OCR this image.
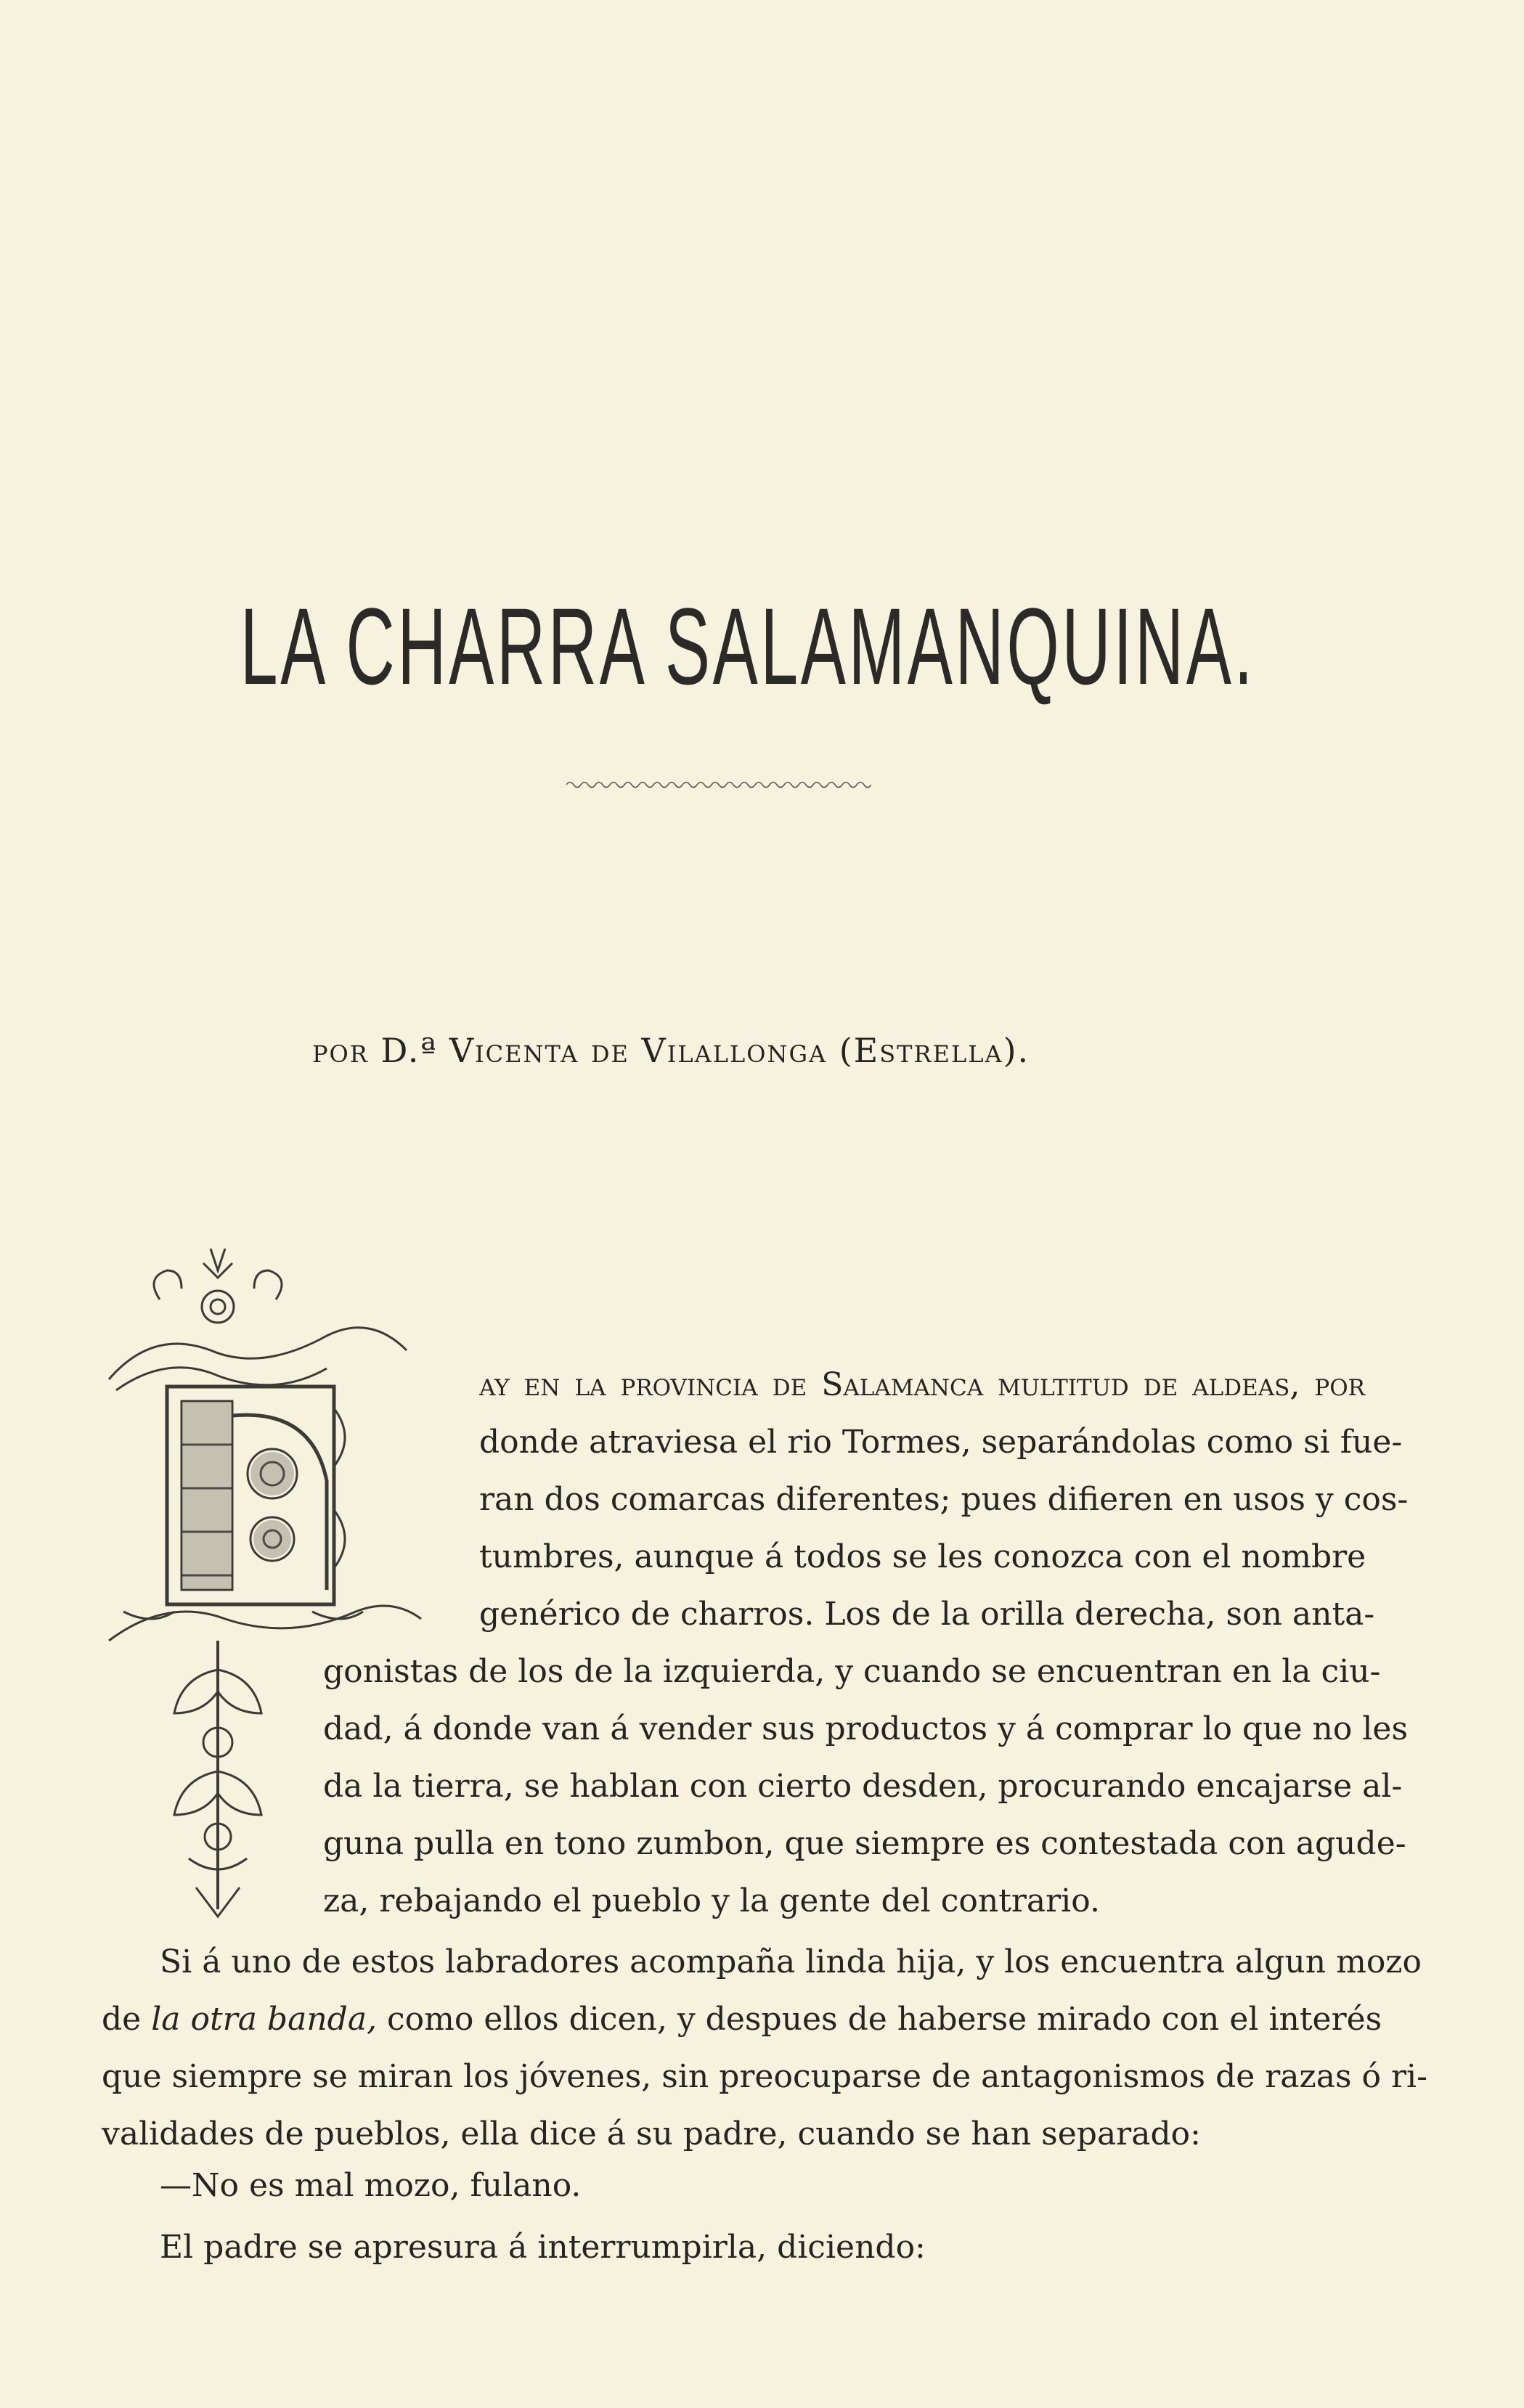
LA CHARRA SALAMANQUINA.
por D.ª Vicenta de Vilallonga (Estrella).
ay en la provincia de Salamanca multitud de aldeas, por
donde atraviesa el rio Tormes, separándolas como si fue-
ran dos comarcas diferentes; pues difieren en usos y cos-
tumbres, aunque á todos se les conozca con el nombre
genérico de charros. Los de la orilla derecha, son anta-
gonistas de los de la izquierda, y cuando se encuentran en la ciu-
dad, á donde van á vender sus productos y á comprar lo que no les
da la tierra, se hablan con cierto desden, procurando encajarse al-
guna pulla en tono zumbon, que siempre es contestada con agude-
za, rebajando el pueblo y la gente del contrario.
Si á uno de estos labradores acompaña linda hija, y los encuentra algun mozo
de la otra banda, como ellos dicen, y despues de haberse mirado con el interés
que siempre se miran los jóvenes, sin preocuparse de antagonismos de razas ó ri-
validades de pueblos, ella dice á su padre, cuando se han separado:
—No es mal mozo, fulano.
El padre se apresura á interrumpirla, diciendo:
